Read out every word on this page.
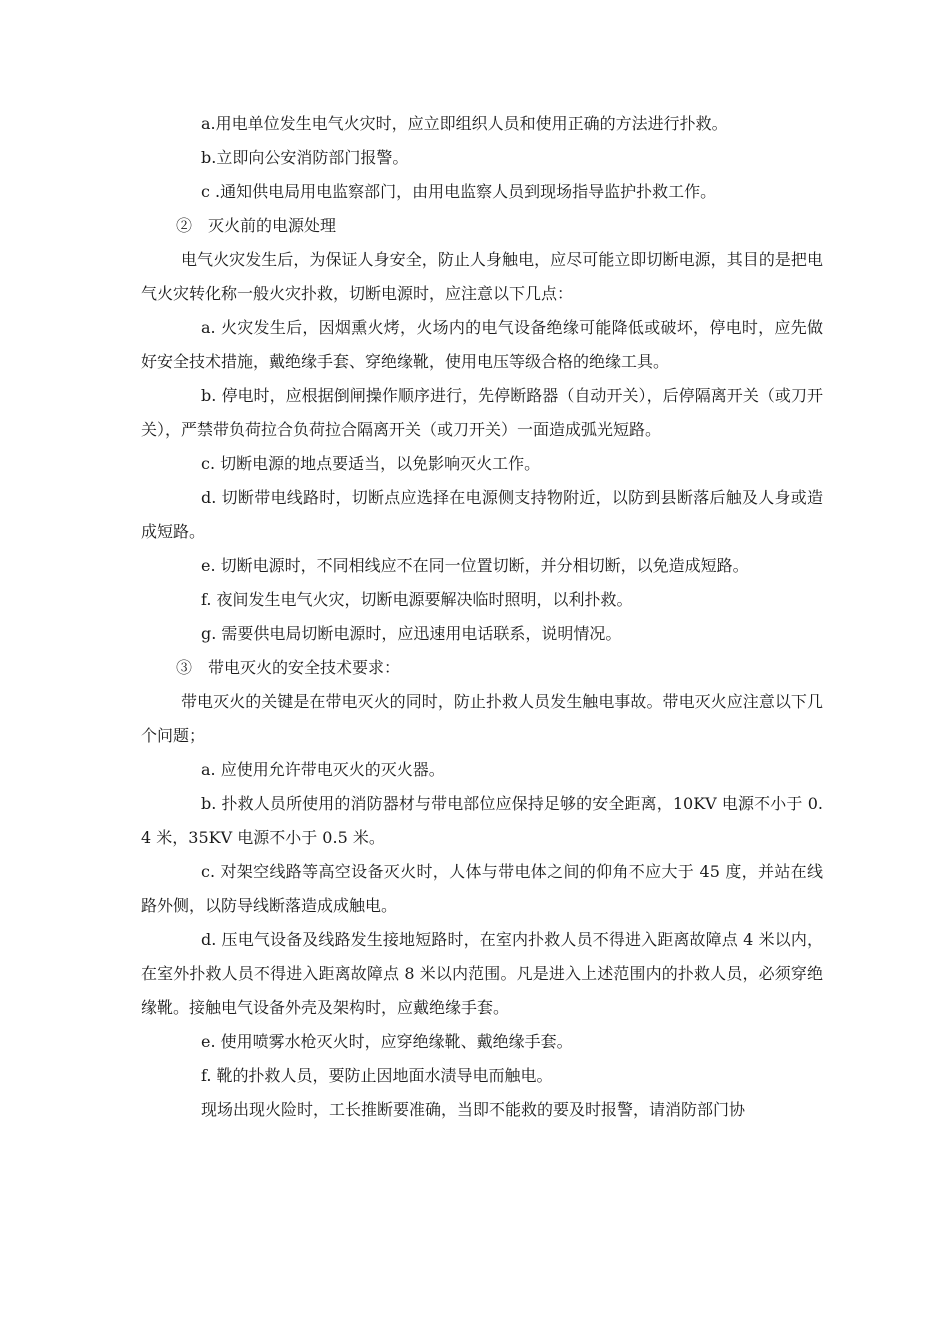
a.用电单位发生电气火灾时，应立即组织人员和使用正确的方法进行扑救。

b.立即向公安消防部门报警。

c .通知供电局用电监察部门，由用电监察人员到现场指导监护扑救工作。

②　灭火前的电源处理

电气火灾发生后，为保证人身安全，防止人身触电，应尽可能立即切断电源，其目的是把电气火灾转化称一般火灾扑救，切断电源时，应注意以下几点：

a. 火灾发生后，因烟熏火烤，火场内的电气设备绝缘可能降低或破坏，停电时，应先做好安全技术措施，戴绝缘手套、穿绝缘靴，使用电压等级合格的绝缘工具。

b. 停电时，应根据倒闸操作顺序进行，先停断路器（自动开关），后停隔离开关（或刀开关），严禁带负荷拉合负荷拉合隔离开关（或刀开关）一面造成弧光短路。

c. 切断电源的地点要适当，以免影响灭火工作。

d. 切断带电线路时，切断点应选择在电源侧支持物附近，以防到县断落后触及人身或造成短路。

e. 切断电源时，不同相线应不在同一位置切断，并分相切断，以免造成短路。

f. 夜间发生电气火灾，切断电源要解决临时照明，以利扑救。

g. 需要供电局切断电源时，应迅速用电话联系，说明情况。

③　带电灭火的安全技术要求：

带电灭火的关键是在带电灭火的同时，防止扑救人员发生触电事故。带电灭火应注意以下几个问题；

a. 应使用允许带电灭火的灭火器。

b. 扑救人员所使用的消防器材与带电部位应保持足够的安全距离，10KV 电源不小于 0.4 米，35KV 电源不小于 0.5 米。

c. 对架空线路等高空设备灭火时，人体与带电体之间的仰角不应大于 45 度，并站在线路外侧，以防导线断落造成成触电。

d. 压电气设备及线路发生接地短路时，在室内扑救人员不得进入距离故障点 4 米以内，在室外扑救人员不得进入距离故障点 8 米以内范围。凡是进入上述范围内的扑救人员，必须穿绝缘靴。接触电气设备外壳及架构时，应戴绝缘手套。

e. 使用喷雾水枪灭火时，应穿绝缘靴、戴绝缘手套。

f. 靴的扑救人员，要防止因地面水渍导电而触电。

现场出现火险时，工长推断要准确，当即不能救的要及时报警，请消防部门协
